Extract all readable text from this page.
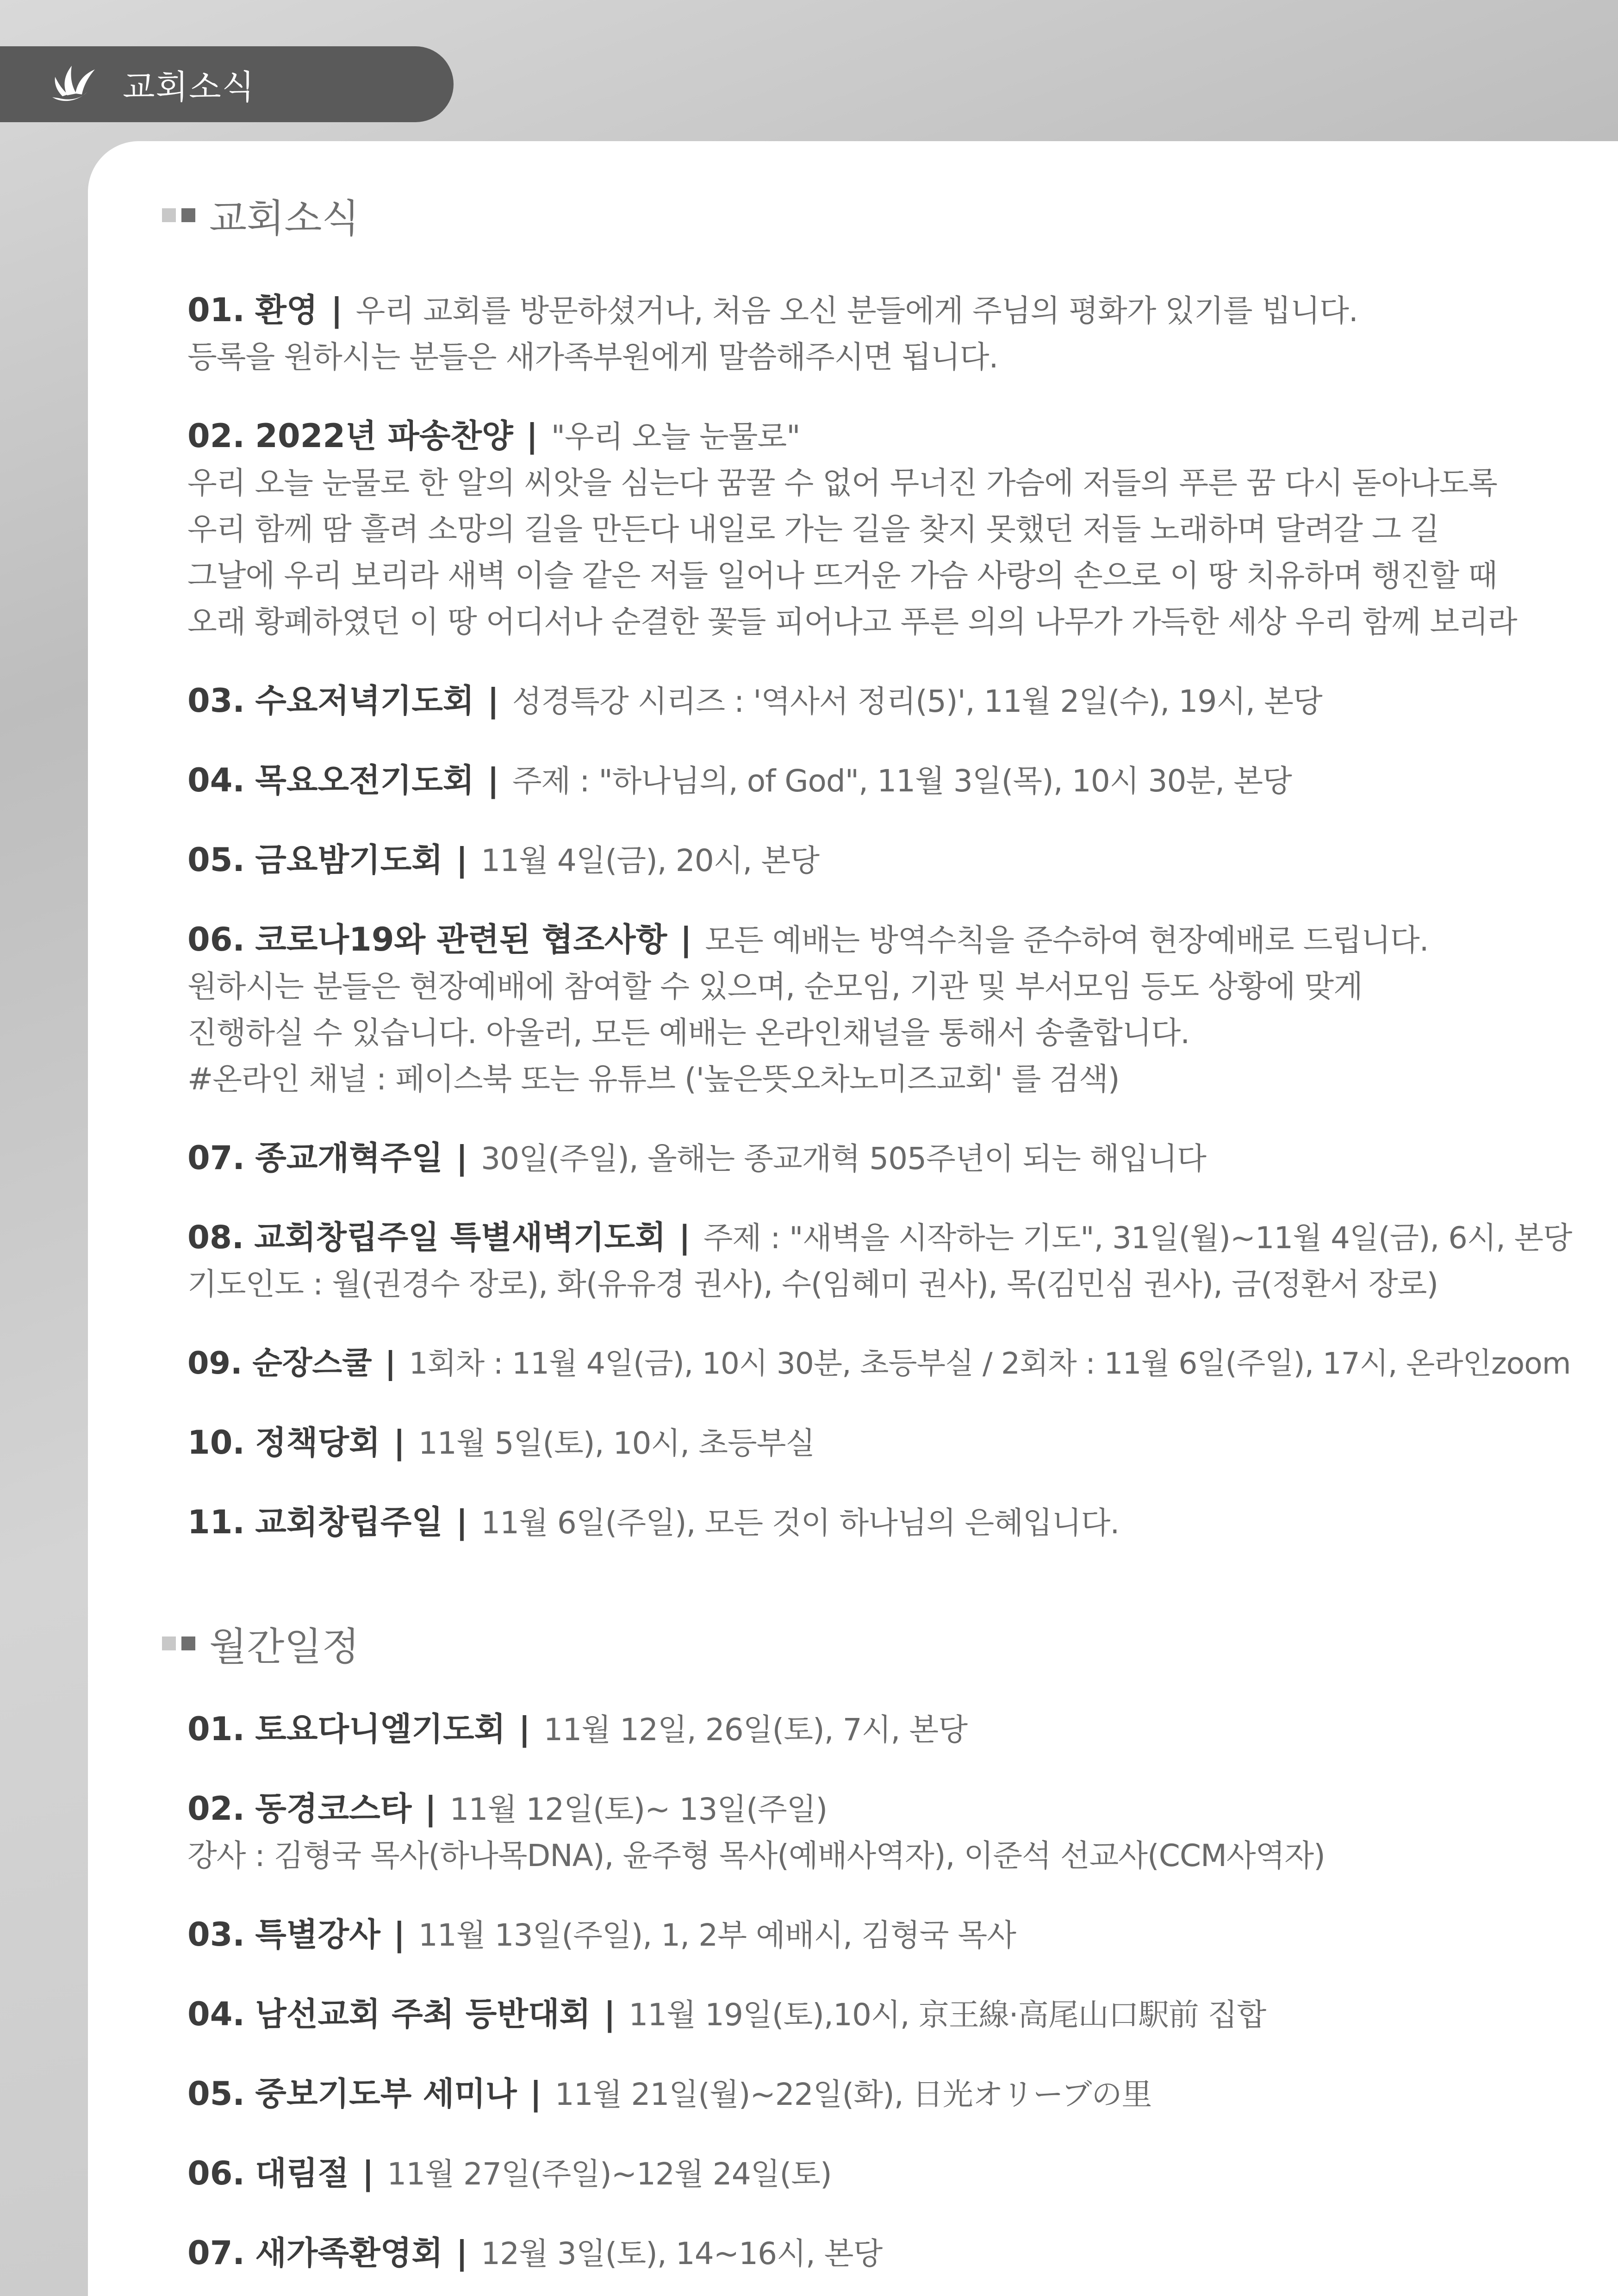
교회소식
교회소식
01. 환영 | 우리 교회를 방문하셨거나, 처음 오신 분들에게 주님의 평화가 있기를 빕니다.
등록을 원하시는 분들은 새가족부원에게 말씀해주시면 됩니다.
02. 2022년 파송찬양 | "우리 오늘 눈물로"
우리 오늘 눈물로 한 알의 씨앗을 심는다 꿈꿀 수 없어 무너진 가슴에 저들의 푸른 꿈 다시 돋아나도록
우리 함께 땀 흘려 소망의 길을 만든다 내일로 가는 길을 찾지 못했던 저들 노래하며 달려갈 그 길
그날에 우리 보리라 새벽 이슬 같은 저들 일어나 뜨거운 가슴 사랑의 손으로 이 땅 치유하며 행진할 때
오래 황폐하였던 이 땅 어디서나 순결한 꽃들 피어나고 푸른 의의 나무가 가득한 세상 우리 함께 보리라
03. 수요저녁기도회 | 성경특강 시리즈 : '역사서 정리(5)', 11월 2일(수), 19시, 본당
04. 목요오전기도회 | 주제 : "하나님의, of God", 11월 3일(목), 10시 30분, 본당
05. 금요밤기도회 | 11월 4일(금), 20시, 본당
06. 코로나19와 관련된 협조사항 | 모든 예배는 방역수칙을 준수하여 현장예배로 드립니다.
원하시는 분들은 현장예배에 참여할 수 있으며, 순모임, 기관 및 부서모임 등도 상황에 맞게
진행하실 수 있습니다. 아울러, 모든 예배는 온라인채널을 통해서 송출합니다.
#온라인 채널 : 페이스북 또는 유튜브 ('높은뜻오차노미즈교회' 를 검색)
07. 종교개혁주일 | 30일(주일), 올해는 종교개혁 505주년이 되는 해입니다
08. 교회창립주일 특별새벽기도회 | 주제 : "새벽을 시작하는 기도", 31일(월)~11월 4일(금), 6시, 본당
기도인도 : 월(권경수 장로), 화(유유경 권사), 수(임혜미 권사), 목(김민심 권사), 금(정환서 장로)
09. 순장스쿨 | 1회차 : 11월 4일(금), 10시 30분, 초등부실 / 2회차 : 11월 6일(주일), 17시, 온라인zoom
10. 정책당회 | 11월 5일(토), 10시, 초등부실
11. 교회창립주일 | 11월 6일(주일), 모든 것이 하나님의 은혜입니다.
월간일정
01. 토요다니엘기도회 | 11월 12일, 26일(토), 7시, 본당
02. 동경코스타 | 11월 12일(토)~ 13일(주일)
강사 : 김형국 목사(하나목DNA), 윤주형 목사(예배사역자), 이준석 선교사(CCM사역자)
03. 특별강사 | 11월 13일(주일), 1, 2부 예배시, 김형국 목사
04. 남선교회 주최 등반대회 | 11월 19일(토),10시, 京王線·高尾山口駅前 집합
05. 중보기도부 세미나 | 11월 21일(월)~22일(화), 日光オリーブの里
06. 대림절 | 11월 27일(주일)~12월 24일(토)
07. 새가족환영회 | 12월 3일(토), 14~16시, 본당
